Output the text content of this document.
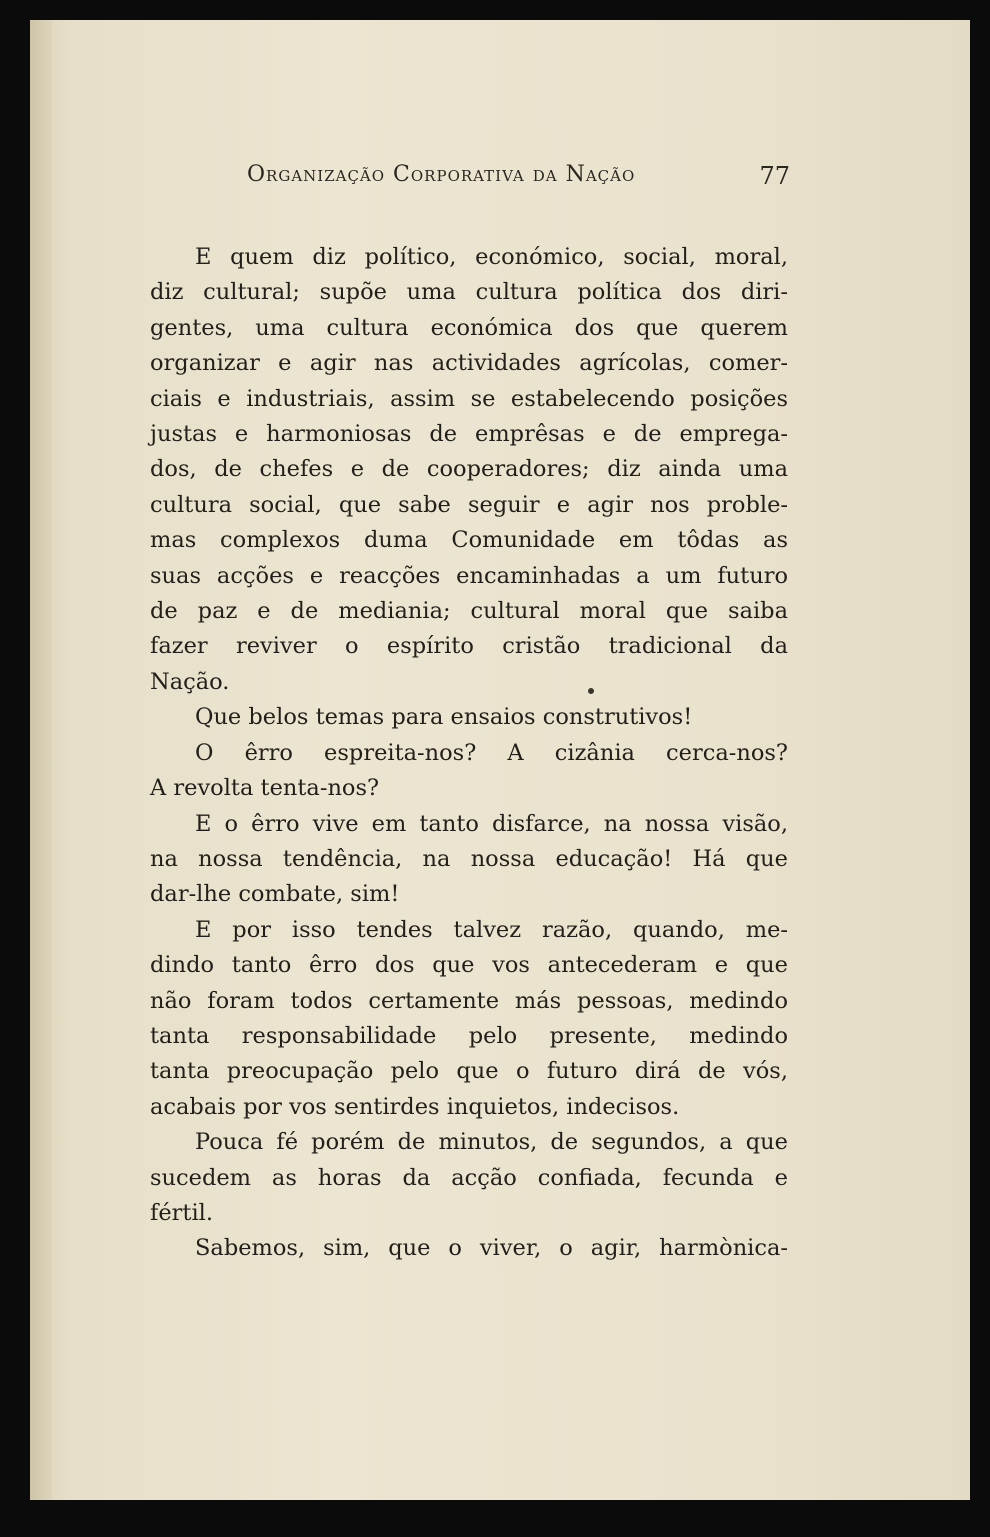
Organização Corporativa da Nação	77

E quem diz político, económico, social, moral,
diz cultural; supõe uma cultura política dos diri-
gentes, uma cultura económica dos que querem
organizar e agir nas actividades agrícolas, comer-
ciais e industriais, assim se estabelecendo posições
justas e harmoniosas de emprêsas e de emprega-
dos, de chefes e de cooperadores; diz ainda uma
cultura social, que sabe seguir e agir nos proble-
mas complexos duma Comunidade em tôdas as
suas acções e reacções encaminhadas a um futuro
de paz e de mediania; cultural moral que saiba
fazer reviver o espírito cristão tradicional da
Nação.

Que belos temas para ensaios construtivos!

O êrro espreita-nos? A cizânia cerca-nos?
A revolta tenta-nos?

E o êrro vive em tanto disfarce, na nossa visão,
na nossa tendência, na nossa educação! Há que
dar-lhe combate, sim!

E por isso tendes talvez razão, quando, me-
dindo tanto êrro dos que vos antecederam e que
não foram todos certamente más pessoas, medindo
tanta responsabilidade pelo presente, medindo
tanta preocupação pelo que o futuro dirá de vós,
acabais por vos sentirdes inquietos, indecisos.

Pouca fé porém de minutos, de segundos, a que
sucedem as horas da acção confiada, fecunda e
fértil.

Sabemos, sim, que o viver, o agir, harmònica-
